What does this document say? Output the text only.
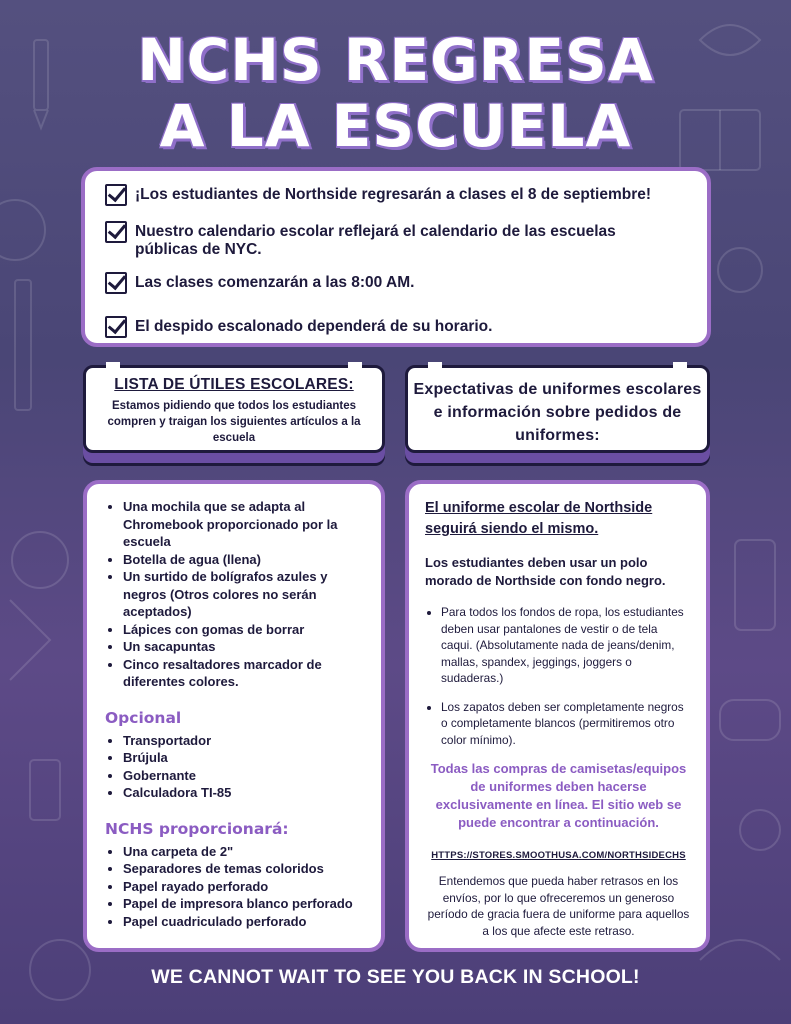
NCHS REGRESA
A LA ESCUELA
¡Los estudiantes de Northside regresarán a clases el 8 de septiembre!
Nuestro calendario escolar reflejará el calendario de las escuelas públicas de NYC.
Las clases comenzarán a las 8:00 AM.
El despido escalonado dependerá de su horario.
LISTA DE ÚTILES ESCOLARES:
Estamos pidiendo que todos los estudiantes compren y traigan los siguientes artículos a la escuela
Expectativas de uniformes escolares e información sobre pedidos de uniformes:
• Una mochila que se adapta al Chromebook proporcionado por la escuela
• Botella de agua (llena)
• Un surtido de bolígrafos azules y negros (Otros colores no serán aceptados)
• Lápices con gomas de borrar
• Un sacapuntas
• Cinco resaltadores marcador de diferentes colores.
Opcional
• Transportador
• Brújula
• Gobernante
• Calculadora TI-85
NCHS proporcionará:
• Una carpeta de 2"
• Separadores de temas coloridos
• Papel rayado perforado
• Papel de impresora blanco perforado
• Papel cuadriculado perforado
El uniforme escolar de Northside seguirá siendo el mismo.
Los estudiantes deben usar un polo morado de Northside con fondo negro.
• Para todos los fondos de ropa, los estudiantes deben usar pantalones de vestir o de tela caqui. (Absolutamente nada de jeans/denim, mallas, spandex, jeggings, joggers o sudaderas.)
• Los zapatos deben ser completamente negros o completamente blancos (permitiremos otro color mínimo).
Todas las compras de camisetas/equipos de uniformes deben hacerse exclusivamente en línea. El sitio web se puede encontrar a continuación.
HTTPS://STORES.SMOOTHUSA.COM/NORTHSIDECHS
Entendemos que pueda haber retrasos en los envíos, por lo que ofreceremos un generoso período de gracia fuera de uniforme para aquellos a los que afecte este retraso.
WE CANNOT WAIT TO SEE YOU BACK IN SCHOOL!
